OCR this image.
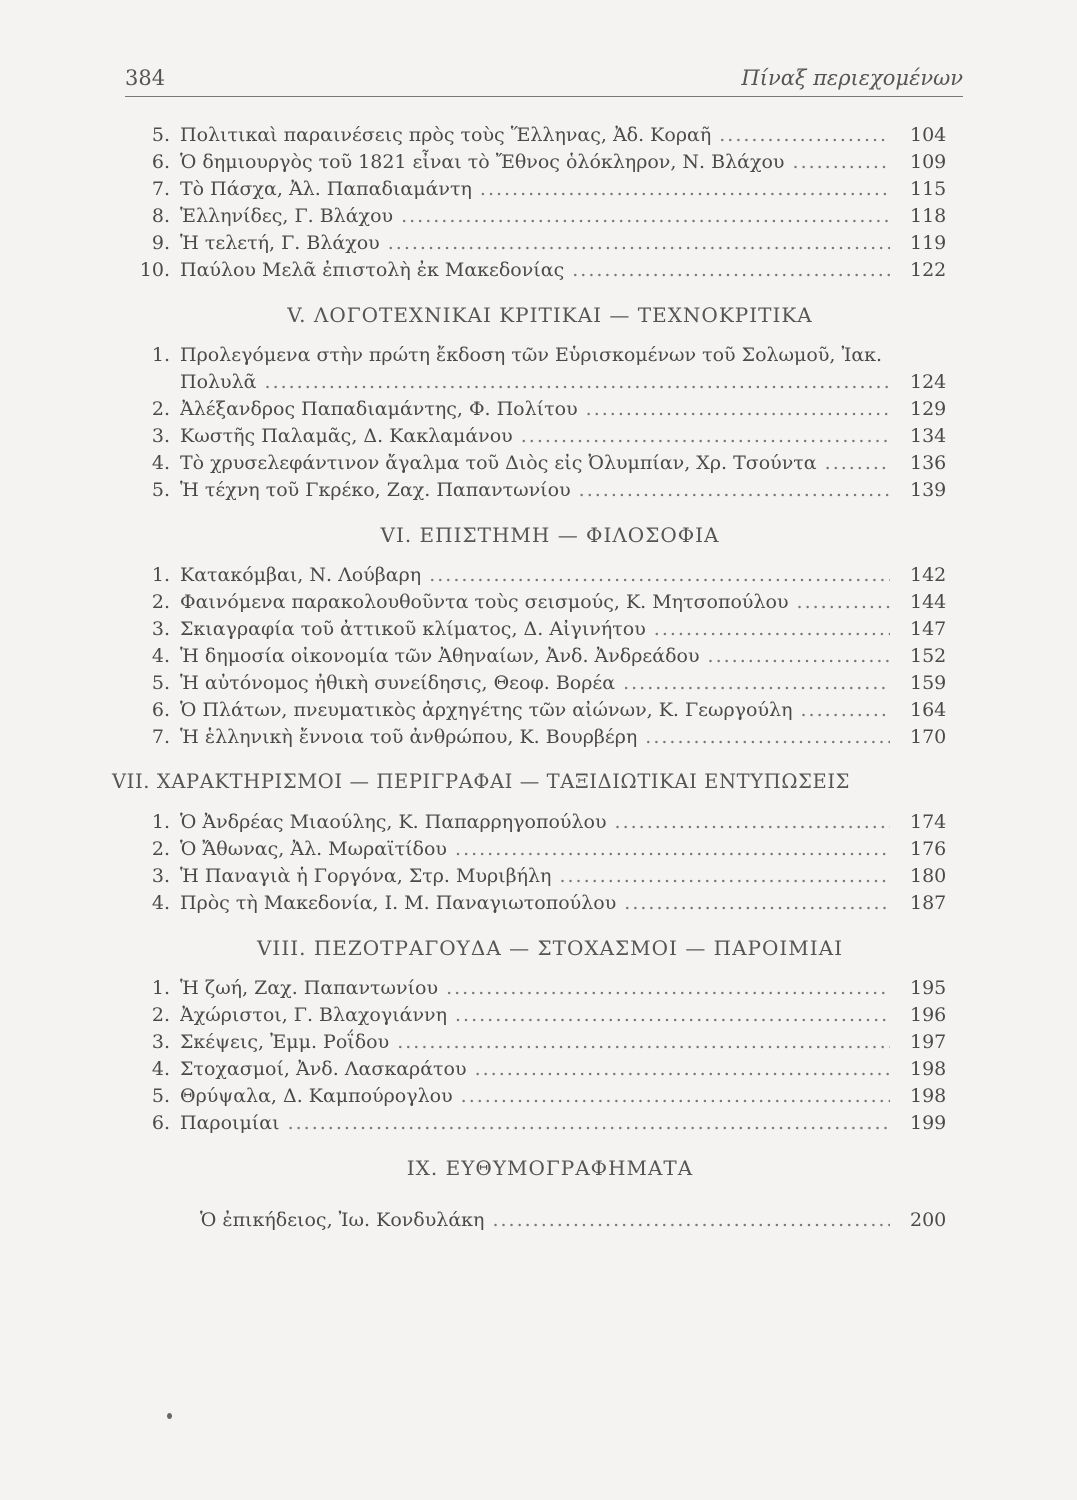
384	Πίναξ περιεχομένων
5. Πολιτικαὶ παραινέσεις πρὸς τοὺς Ἕλληνας, Ἀδ. Κοραῆ .....	104
6. Ὁ δημιουργὸς τοῦ 1821 εἶναι τὸ Ἔθνος ὁλόκληρον, Ν. Βλάχου .....	109
7. Τὸ Πάσχα, Ἀλ. Παπαδιαμάντη .....	115
8. Ἑλληνίδες, Γ. Βλάχου .....	118
9. Ἡ τελετή, Γ. Βλάχου .....	119
10. Παύλου Μελᾶ ἐπιστολὴ ἐκ Μακεδονίας .....	122
V. ΛΟΓΟΤΕΧΝΙΚΑΙ ΚΡΙΤΙΚΑΙ — ΤΕΧΝΟΚΡΙΤΙΚΑ
1. Προλεγόμενα στὴν πρώτη ἔκδοση τῶν Εὑρισκομένων τοῦ Σολωμοῦ, Ἰακ.
Πολυλᾶ .....	124
2. Ἀλέξανδρος Παπαδιαμάντης, Φ. Πολίτου .....	129
3. Κωστῆς Παλαμᾶς, Δ. Κακλαμάνου .....	134
4. Τὸ χρυσελεφάντινον ἄγαλμα τοῦ Διὸς εἰς Ὀλυμπίαν, Χρ. Τσούντα .....	136
5. Ἡ τέχνη τοῦ Γκρέκο, Ζαχ. Παπαντωνίου .....	139
VI. ΕΠΙΣΤΗΜΗ — ΦΙΛΟΣΟΦΙΑ
1. Κατακόμβαι, Ν. Λούβαρη .....	142
2. Φαινόμενα παρακολουθοῦντα τοὺς σεισμούς, Κ. Μητσοπούλου .....	144
3. Σκιαγραφία τοῦ ἀττικοῦ κλίματος, Δ. Αἰγινήτου .....	147
4. Ἡ δημοσία οἰκονομία τῶν Ἀθηναίων, Ἀνδ. Ἀνδρεάδου .....	152
5. Ἡ αὐτόνομος ἠθικὴ συνείδησις, Θεοφ. Βορέα .....	159
6. Ὁ Πλάτων, πνευματικὸς ἀρχηγέτης τῶν αἰώνων, Κ. Γεωργούλη .....	164
7. Ἡ ἑλληνικὴ ἔννοια τοῦ ἀνθρώπου, Κ. Βουρβέρη .....	170
VII. ΧΑΡΑΚΤΗΡΙΣΜΟΙ — ΠΕΡΙΓΡΑΦΑΙ — ΤΑΞΙΔΙΩΤΙΚΑΙ ΕΝΤΥΠΩΣΕΙΣ
1. Ὁ Ἀνδρέας Μιαούλης, Κ. Παπαρρηγοπούλου .....	174
2. Ὁ Ἄθωνας, Ἀλ. Μωραϊτίδου .....	176
3. Ἡ Παναγιὰ ἡ Γοργόνα, Στρ. Μυριβήλη .....	180
4. Πρὸς τὴ Μακεδονία, Ι. Μ. Παναγιωτοπούλου .....	187
VIII. ΠΕΖΟΤΡΑΓΟΥΔΑ — ΣΤΟΧΑΣΜΟΙ — ΠΑΡΟΙΜΙΑΙ
1. Ἡ ζωή, Ζαχ. Παπαντωνίου .....	195
2. Ἀχώριστοι, Γ. Βλαχογιάννη .....	196
3. Σκέψεις, Ἐμμ. Ροΐδου .....	197
4. Στοχασμοί, Ἀνδ. Λασκαράτου .....	198
5. Θρύψαλα, Δ. Καμπούρογλου .....	198
6. Παροιμίαι .....	199
IX. ΕΥΘΥΜΟΓΡΑΦΗΜΑΤΑ
Ὁ ἐπικήδειος, Ἰω. Κονδυλάκη .....	200
